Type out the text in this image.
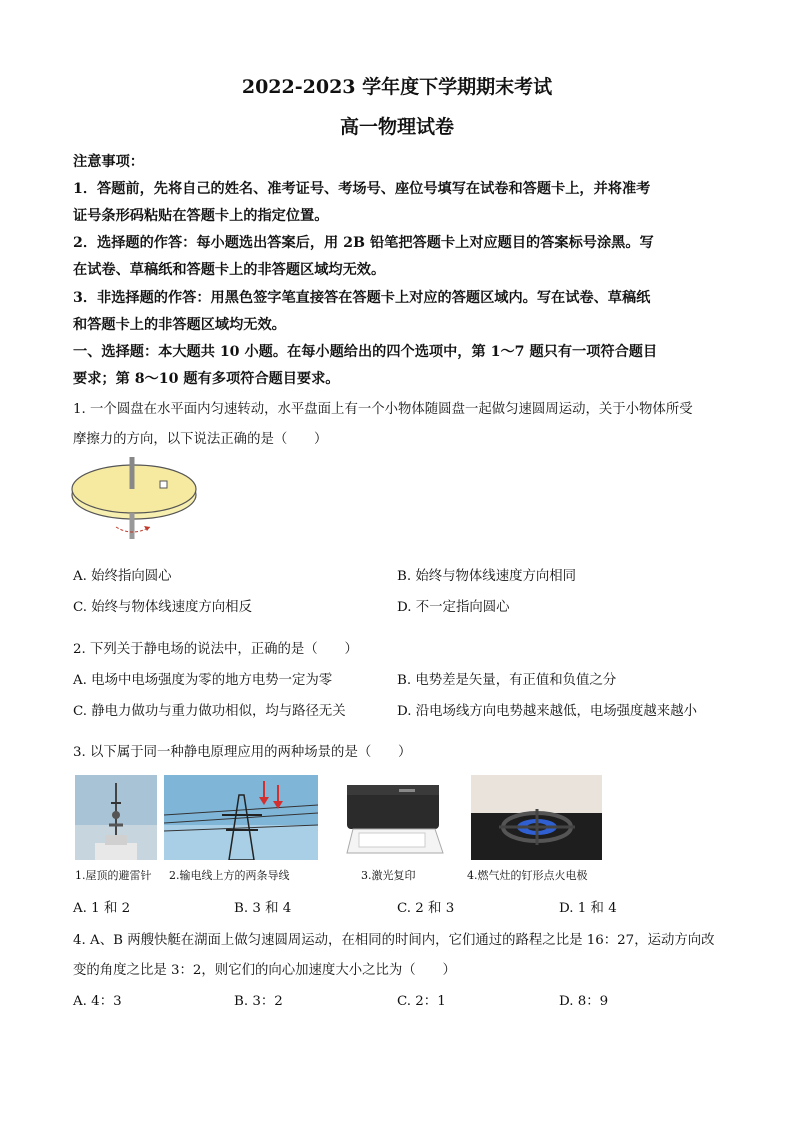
2022-2023 学年度下学期期末考试
高一物理试卷
注意事项：
1．答题前，先将自己的姓名、准考证号、考场号、座位号填写在试卷和答题卡上，并将准考
证号条形码粘贴在答题卡上的指定位置。
2．选择题的作答：每小题选出答案后，用 2B 铅笔把答题卡上对应题目的答案标号涂黑。写
在试卷、草稿纸和答题卡上的非答题区域均无效。
3．非选择题的作答：用黑色签字笔直接答在答题卡上对应的答题区域内。写在试卷、草稿纸
和答题卡上的非答题区域均无效。
一、选择题：本大题共 10 小题。在每小题给出的四个选项中，第 1～7 题只有一项符合题目
要求；第 8～10 题有多项符合题目要求。
1. 一个圆盘在水平面内匀速转动，水平盘面上有一个小物体随圆盘一起做匀速圆周运动，关于小物体所受
摩擦力的方向，以下说法正确的是（　　）
A. 始终指向圆心	B. 始终与物体线速度方向相同
C. 始终与物体线速度方向相反	D. 不一定指向圆心
2. 下列关于静电场的说法中，正确的是（　　）
A. 电场中电场强度为零的地方电势一定为零	B. 电势差是矢量，有正值和负值之分
C. 静电力做功与重力做功相似，均与路径无关	D. 沿电场线方向电势越来越低，电场强度越来越小
3. 以下属于同一种静电原理应用的两种场景的是（　　）
1.屋顶的避雷针 2.输电线上方的两条导线	3.激光复印	4.燃气灶的钉形点火电极
A. 1 和 2	B. 3 和 4	C. 2 和 3	D. 1 和 4
4. A、B 两艘快艇在湖面上做匀速圆周运动，在相同的时间内，它们通过的路程之比是 16：27，运动方向改
变的角度之比是 3：2，则它们的向心加速度大小之比为（　　）
A. 4：3	B. 3：2	C. 2：1	D. 8：9
